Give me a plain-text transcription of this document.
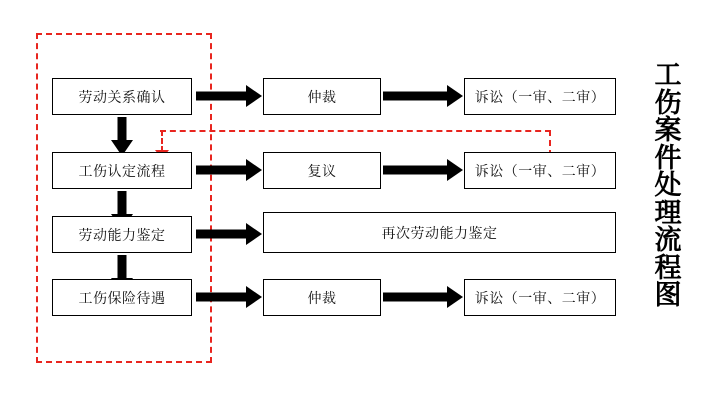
劳动关系确认	仲裁	诉讼（一审、二审）
工伤认定流程	复议	诉讼（一审、二审）
劳动能力鉴定	再次劳动能力鉴定
工伤保险待遇	仲裁	诉讼（一审、二审）
工
伤
案
件
处
理
流
程
图
